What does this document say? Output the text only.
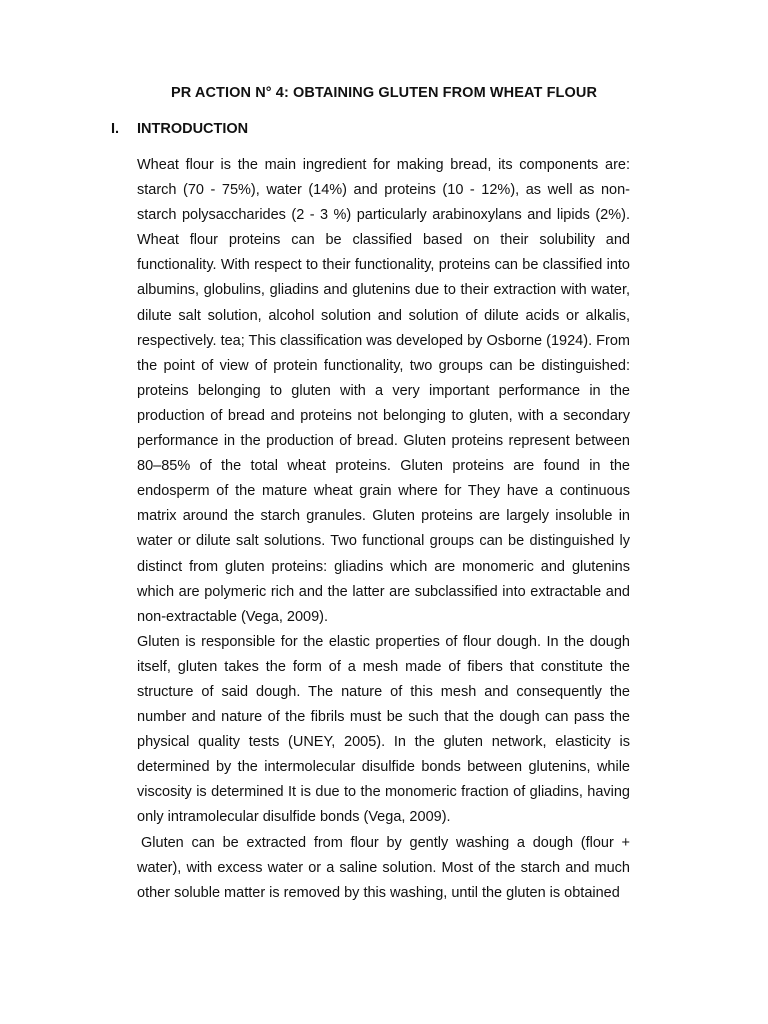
PR ACTION N° 4: OBTAINING GLUTEN FROM WHEAT FLOUR
I. INTRODUCTION

Wheat flour is the main ingredient for making bread, its components are: starch (70 - 75%), water (14%) and proteins (10 - 12%), as well as non-starch polysaccharides (2 - 3 %) particularly arabinoxylans and lipids (2%). Wheat flour proteins can be classified based on their solubility and functionality. With respect to their functionality, proteins can be classified into albumins, globulins, gliadins and glutenins due to their extraction with water, dilute salt solution, alcohol solution and solution of dilute acids or alkalis, respectively. tea; This classification was developed by Osborne (1924). From the point of view of protein functionality, two groups can be distinguished: proteins belonging to gluten with a very important performance in the production of bread and proteins not belonging to gluten, with a secondary performance in the production of bread. Gluten proteins represent between 80–85% of the total wheat proteins. Gluten proteins are found in the endosperm of the mature wheat grain where for They have a continuous matrix around the starch granules. Gluten proteins are largely insoluble in water or dilute salt solutions. Two functional groups can be distinguished ly distinct from gluten proteins: gliadins which are monomeric and glutenins which are polymeric rich and the latter are subclassified into extractable and non-extractable (Vega, 2009).

Gluten is responsible for the elastic properties of flour dough. In the dough itself, gluten takes the form of a mesh made of fibers that constitute the structure of said dough. The nature of this mesh and consequently the number and nature of the fibrils must be such that the dough can pass the physical quality tests (UNEY, 2005). In the gluten network, elasticity is determined by the intermolecular disulfide bonds between glutenins, while viscosity is determined It is due to the monomeric fraction of gliadins, having only intramolecular disulfide bonds (Vega, 2009).

Gluten can be extracted from flour by gently washing a dough (flour + water), with excess water or a saline solution. Most of the starch and much other soluble matter is removed by this washing, until the gluten is obtained
